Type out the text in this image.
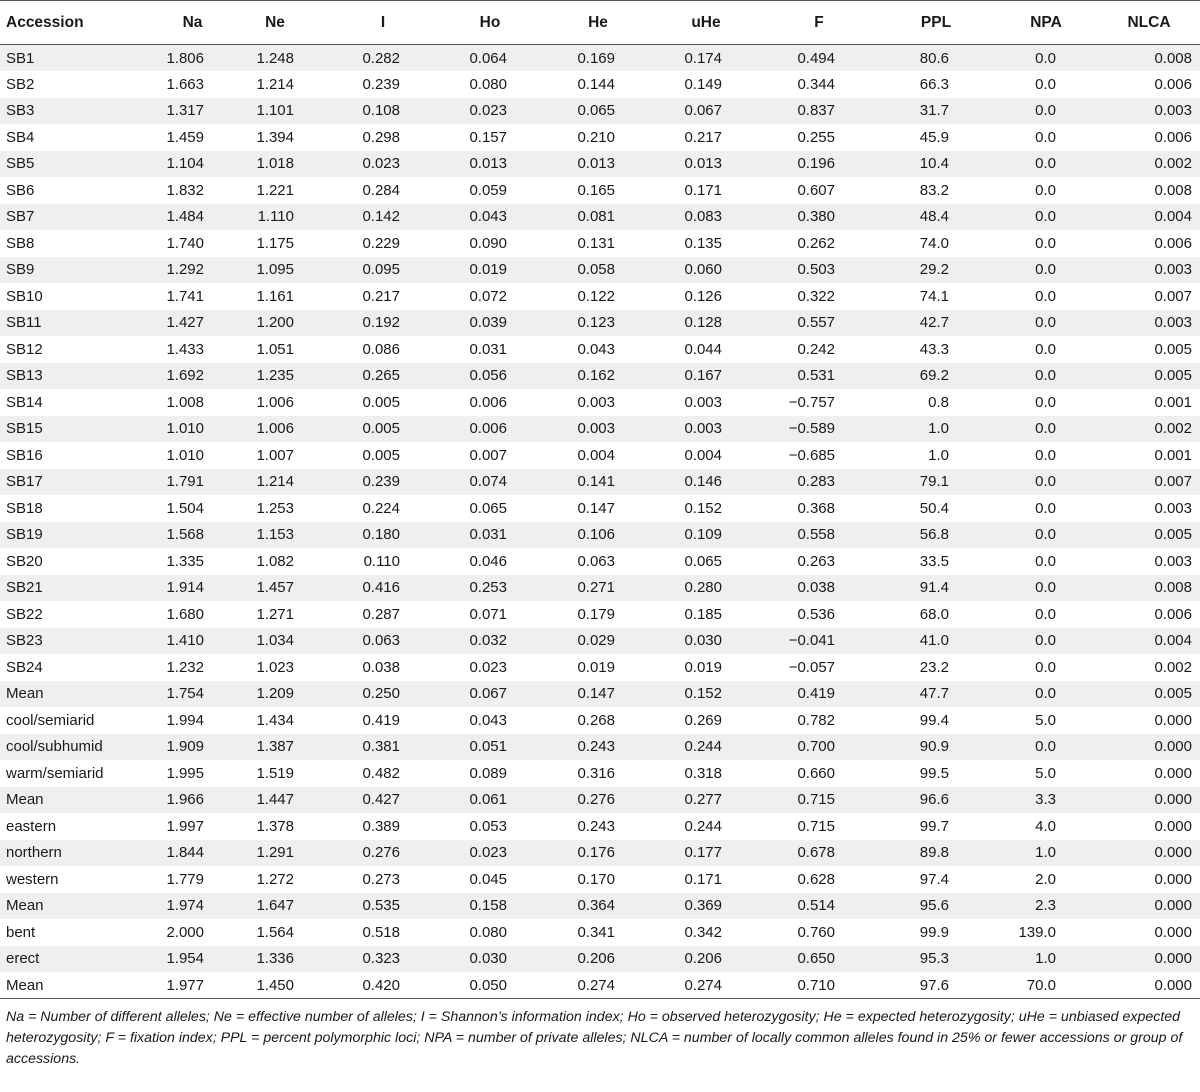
Accession	Na	Ne	I	Ho	He	uHe	F	PPL	NPA	NLCA
SB1	1.806	1.248	0.282	0.064	0.169	0.174	0.494	80.6	0.0	0.008
SB2	1.663	1.214	0.239	0.080	0.144	0.149	0.344	66.3	0.0	0.006
SB3	1.317	1.101	0.108	0.023	0.065	0.067	0.837	31.7	0.0	0.003
SB4	1.459	1.394	0.298	0.157	0.210	0.217	0.255	45.9	0.0	0.006
SB5	1.104	1.018	0.023	0.013	0.013	0.013	0.196	10.4	0.0	0.002
SB6	1.832	1.221	0.284	0.059	0.165	0.171	0.607	83.2	0.0	0.008
SB7	1.484	1.110	0.142	0.043	0.081	0.083	0.380	48.4	0.0	0.004
SB8	1.740	1.175	0.229	0.090	0.131	0.135	0.262	74.0	0.0	0.006
SB9	1.292	1.095	0.095	0.019	0.058	0.060	0.503	29.2	0.0	0.003
SB10	1.741	1.161	0.217	0.072	0.122	0.126	0.322	74.1	0.0	0.007
SB11	1.427	1.200	0.192	0.039	0.123	0.128	0.557	42.7	0.0	0.003
SB12	1.433	1.051	0.086	0.031	0.043	0.044	0.242	43.3	0.0	0.005
SB13	1.692	1.235	0.265	0.056	0.162	0.167	0.531	69.2	0.0	0.005
SB14	1.008	1.006	0.005	0.006	0.003	0.003	−0.757	0.8	0.0	0.001
SB15	1.010	1.006	0.005	0.006	0.003	0.003	−0.589	1.0	0.0	0.002
SB16	1.010	1.007	0.005	0.007	0.004	0.004	−0.685	1.0	0.0	0.001
SB17	1.791	1.214	0.239	0.074	0.141	0.146	0.283	79.1	0.0	0.007
SB18	1.504	1.253	0.224	0.065	0.147	0.152	0.368	50.4	0.0	0.003
SB19	1.568	1.153	0.180	0.031	0.106	0.109	0.558	56.8	0.0	0.005
SB20	1.335	1.082	0.110	0.046	0.063	0.065	0.263	33.5	0.0	0.003
SB21	1.914	1.457	0.416	0.253	0.271	0.280	0.038	91.4	0.0	0.008
SB22	1.680	1.271	0.287	0.071	0.179	0.185	0.536	68.0	0.0	0.006
SB23	1.410	1.034	0.063	0.032	0.029	0.030	−0.041	41.0	0.0	0.004
SB24	1.232	1.023	0.038	0.023	0.019	0.019	−0.057	23.2	0.0	0.002
Mean	1.754	1.209	0.250	0.067	0.147	0.152	0.419	47.7	0.0	0.005
cool/semiarid	1.994	1.434	0.419	0.043	0.268	0.269	0.782	99.4	5.0	0.000
cool/subhumid	1.909	1.387	0.381	0.051	0.243	0.244	0.700	90.9	0.0	0.000
warm/semiarid	1.995	1.519	0.482	0.089	0.316	0.318	0.660	99.5	5.0	0.000
Mean	1.966	1.447	0.427	0.061	0.276	0.277	0.715	96.6	3.3	0.000
eastern	1.997	1.378	0.389	0.053	0.243	0.244	0.715	99.7	4.0	0.000
northern	1.844	1.291	0.276	0.023	0.176	0.177	0.678	89.8	1.0	0.000
western	1.779	1.272	0.273	0.045	0.170	0.171	0.628	97.4	2.0	0.000
Mean	1.974	1.647	0.535	0.158	0.364	0.369	0.514	95.6	2.3	0.000
bent	2.000	1.564	0.518	0.080	0.341	0.342	0.760	99.9	139.0	0.000
erect	1.954	1.336	0.323	0.030	0.206	0.206	0.650	95.3	1.0	0.000
Mean	1.977	1.450	0.420	0.050	0.274	0.274	0.710	97.6	70.0	0.000
Na = Number of different alleles; Ne = effective number of alleles; I = Shannon’s information index; Ho = observed heterozygosity; He = expected heterozygosity; uHe = unbiased expected heterozygosity; F = fixation index; PPL = percent polymorphic loci; NPA = number of private alleles; NLCA = number of locally common alleles found in 25% or fewer accessions or group of accessions.
